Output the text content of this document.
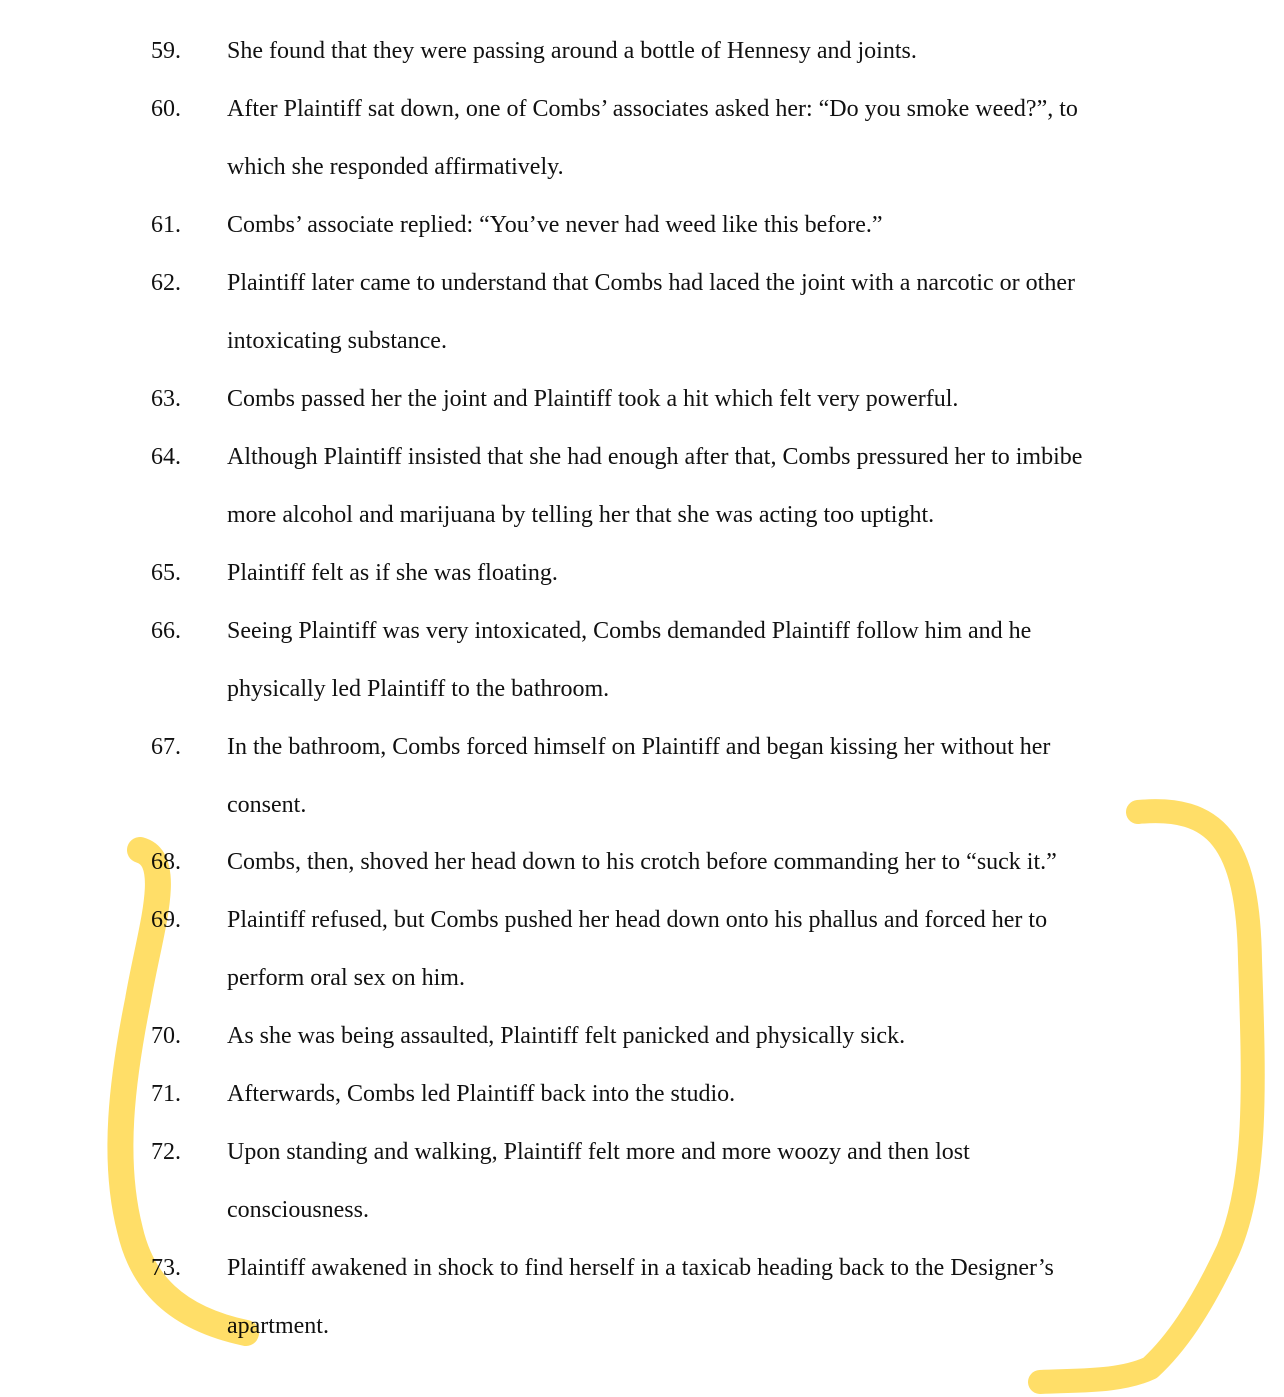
59. She found that they were passing around a bottle of Hennesy and joints.
60. After Plaintiff sat down, one of Combs’ associates asked her: “Do you smoke weed?”, to
which she responded affirmatively.
61. Combs’ associate replied: “You’ve never had weed like this before.”
62. Plaintiff later came to understand that Combs had laced the joint with a narcotic or other
intoxicating substance.
63. Combs passed her the joint and Plaintiff took a hit which felt very powerful.
64. Although Plaintiff insisted that she had enough after that, Combs pressured her to imbibe
more alcohol and marijuana by telling her that she was acting too uptight.
65. Plaintiff felt as if she was floating.
66. Seeing Plaintiff was very intoxicated, Combs demanded Plaintiff follow him and he
physically led Plaintiff to the bathroom.
67. In the bathroom, Combs forced himself on Plaintiff and began kissing her without her
consent.
68. Combs, then, shoved her head down to his crotch before commanding her to “suck it.”
69. Plaintiff refused, but Combs pushed her head down onto his phallus and forced her to
perform oral sex on him.
70. As she was being assaulted, Plaintiff felt panicked and physically sick.
71. Afterwards, Combs led Plaintiff back into the studio.
72. Upon standing and walking, Plaintiff felt more and more woozy and then lost
consciousness.
73. Plaintiff awakened in shock to find herself in a taxicab heading back to the Designer’s
apartment.
